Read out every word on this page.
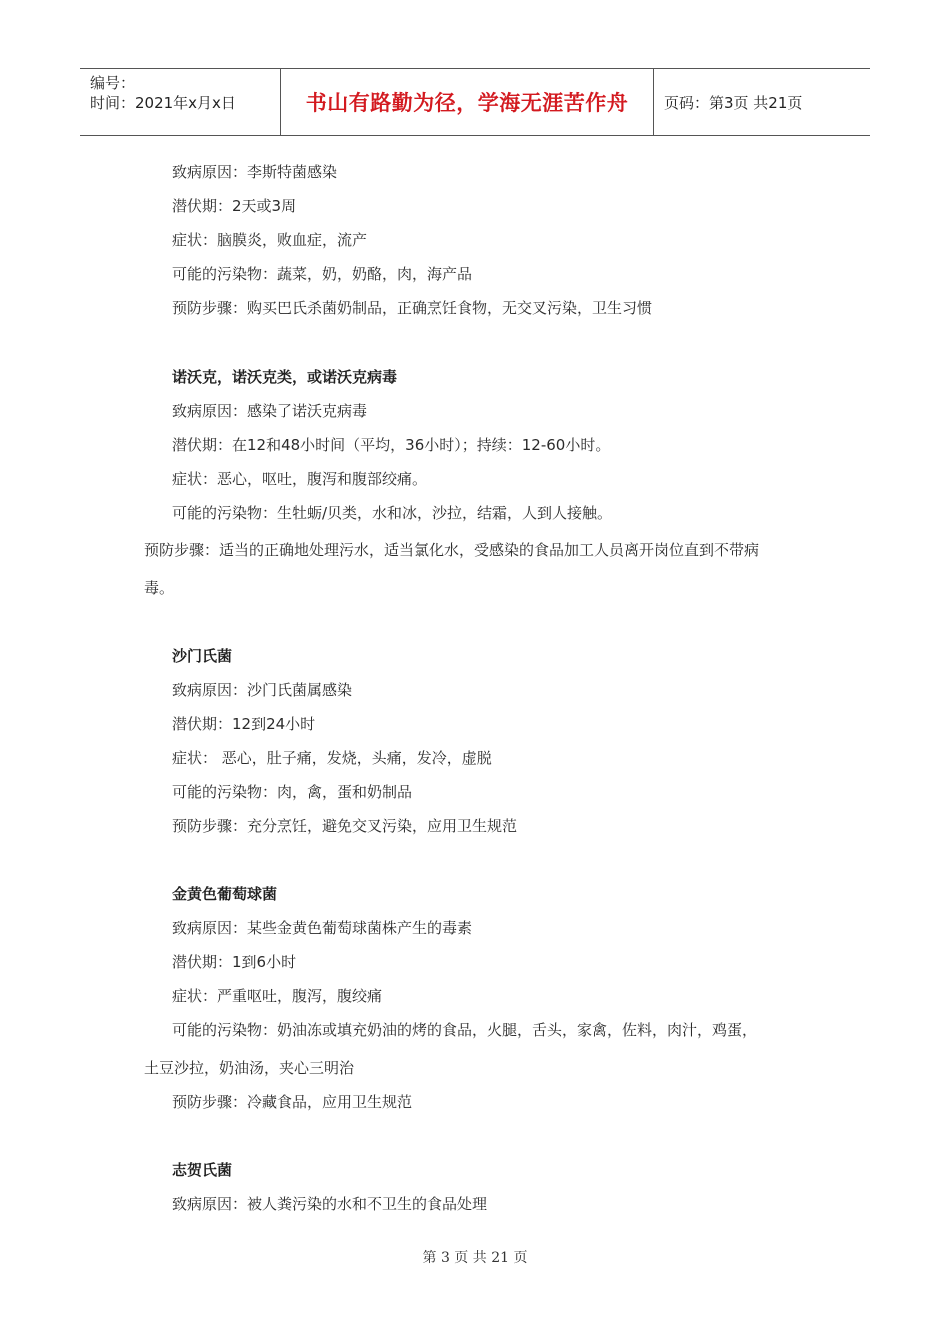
编号：
时间：2021年x月x日	书山有路勤为径，学海无涯苦作舟 页码：第3页 共21页
致病原因：李斯特菌感染
潜伏期：2天或3周
症状：脑膜炎，败血症，流产
可能的污染物：蔬菜，奶，奶酪，肉，海产品
预防步骤：购买巴氏杀菌奶制品，正确烹饪食物，无交叉污染，卫生习惯
诺沃克，诺沃克类，或诺沃克病毒
致病原因：感染了诺沃克病毒
潜伏期：在12和48小时间（平均，36小时）；持续：12-60小时。
症状：恶心，呕吐，腹泻和腹部绞痛。
可能的污染物：生牡蛎/贝类，水和冰，沙拉，结霜，人到人接触。
预防步骤：适当的正确地处理污水，适当氯化水，受感染的食品加工人员离开岗位直到不带病
毒。
沙门氏菌
致病原因：沙门氏菌属感染
潜伏期：12到24小时
症状： 恶心，肚子痛，发烧，头痛，发冷，虚脱
可能的污染物：肉，禽，蛋和奶制品
预防步骤：充分烹饪，避免交叉污染，应用卫生规范
金黄色葡萄球菌
致病原因：某些金黄色葡萄球菌株产生的毒素
潜伏期：1到6小时
症状：严重呕吐，腹泻，腹绞痛
可能的污染物：奶油冻或填充奶油的烤的食品，火腿，舌头，家禽，佐料，肉汁，鸡蛋，
土豆沙拉，奶油汤，夹心三明治
预防步骤：冷藏食品，应用卫生规范
志贺氏菌
致病原因：被人粪污染的水和不卫生的食品处理
第 3 页 共 21 页
